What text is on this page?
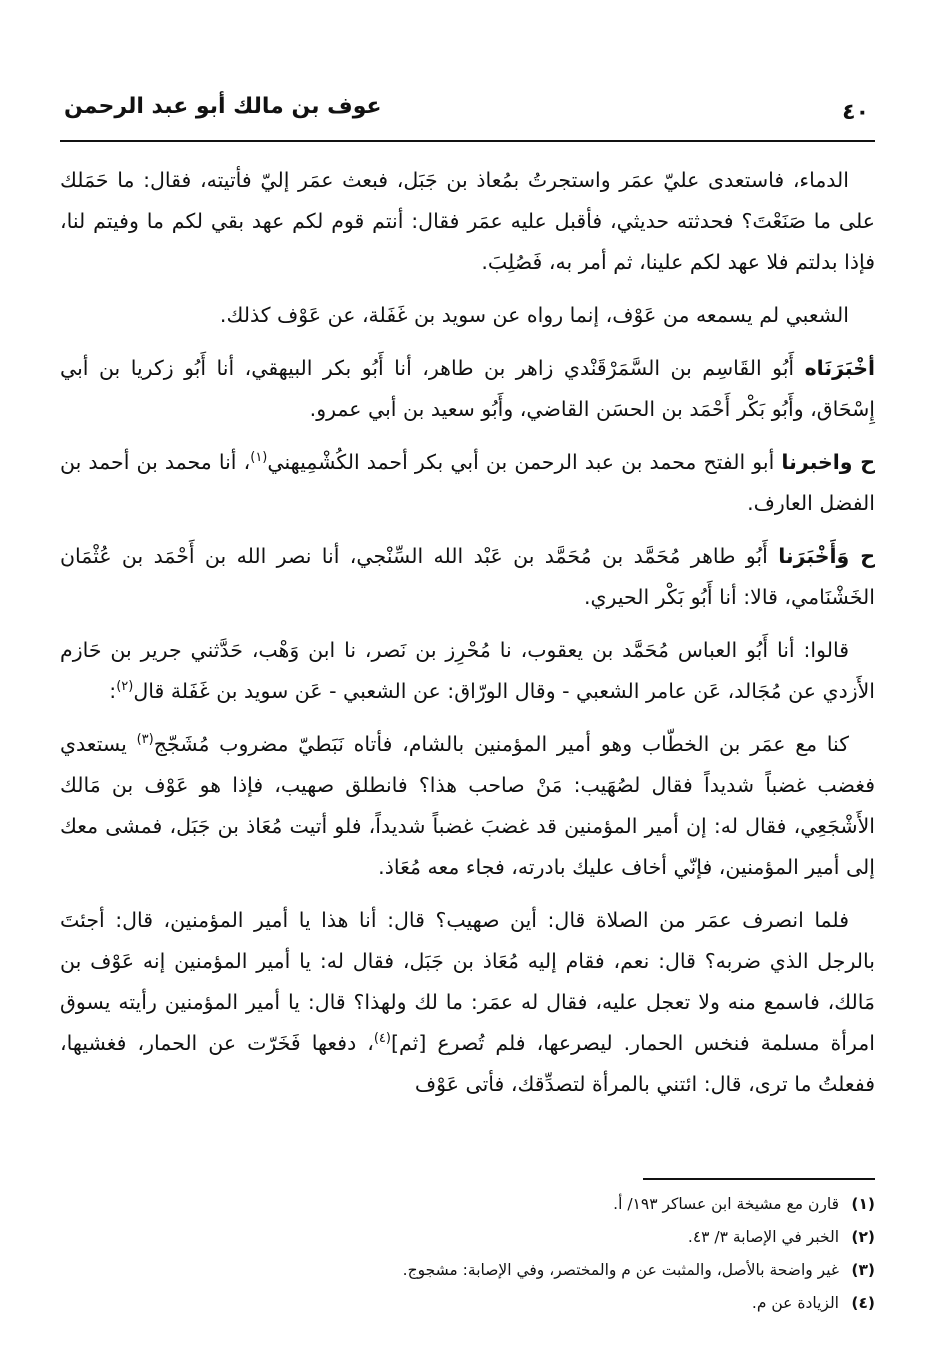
٤٠
عوف بن مالك أبو عبد الرحمن

الدماء، فاستعدى عليّ عمَر واستجرتُ بمُعاذ بن جَبَل، فبعث عمَر إليّ فأتيته، فقال: ما حَمَلك على ما صَنَعْتَ؟ فحدثته حديثي، فأقبل عليه عمَر فقال: أنتم قوم لكم عهد بقي لكم ما وفيتم لنا، فإذا بدلتم فلا عهد لكم علينا، ثم أمر به، فَصُلِبَ.

الشعبي لم يسمعه من عَوْف، إنما رواه عن سويد بن غَفَلة، عن عَوْف كذلك.

أخْبَرَنَاه أَبُو القَاسِم بن السَّمَرْقَنْدي زاهر بن طاهر، أنا أَبُو بكر البيهقي، أنا أَبُو زكريا بن أبي إِسْحَاق، وأَبُو بَكْر أَحْمَد بن الحسَن القاضي، وأَبُو سعيد بن أبي عمرو.

ح واخبرنا أبو الفتح محمد بن عبد الرحمن بن أبي بكر أحمد الكُشْمِيهني$^{(١)}$، أنا محمد بن أحمد بن الفضل العارف.

ح وَأَخْبَرَنا أَبُو طاهر مُحَمَّد بن مُحَمَّد بن عَبْد الله السِّنْجي، أنا نصر الله بن أَحْمَد بن عُثْمَان الخَشْنَامي، قالا: أنا أَبُو بَكْر الحيري.

قالوا: أنا أَبُو العباس مُحَمَّد بن يعقوب، نا مُحْرِز بن نَصر، نا ابن وَهْب، حَدَّثني جرير بن حَازم الأَزدي عن مُجَالد، عَن عامر الشعبي - وقال الورّاق: عن الشعبي - عَن سويد بن غَفَلة قال$^{(٢)}$:

كنا مع عمَر بن الخطّاب وهو أمير المؤمنين بالشام، فأتاه نَبَطيّ مضروب مُشَجّج$^{(٣)}$ يستعدي فغضب غضباً شديداً فقال لصُهَيب: مَنْ صاحب هذا؟ فانطلق صهيب، فإذا هو عَوْف بن مَالك الأَشْجَعِي، فقال له: إن أمير المؤمنين قد غضبَ غضباً شديداً، فلو أتيت مُعَاذ بن جَبَل، فمشى معك إلى أمير المؤمنين، فإنّي أخاف عليك بادرته، فجاء معه مُعَاذ.

فلما انصرف عمَر من الصلاة قال: أين صهيب؟ قال: أنا هذا يا أمير المؤمنين، قال: أجئتَ بالرجل الذي ضربه؟ قال: نعم، فقام إليه مُعَاذ بن جَبَل، فقال له: يا أمير المؤمنين إنه عَوْف بن مَالك، فاسمع منه ولا تعجل عليه، فقال له عمَر: ما لك ولهذا؟ قال: يا أمير المؤمنين رأيته يسوق امرأة مسلمة فنخس الحمار. ليصرعها، فلم تُصرع [ثم]$^{(٤)}$، دفعها فَخَرّت عن الحمار، فغشيها، ففعلتُ ما ترى، قال: ائتني بالمرأة لتصدِّقك، فأتى عَوْف

(١)قارن مع مشيخة ابن عساكر ١٩٣/ أ.
(٢)الخبر في الإصابة ٣/ ٤٣.
(٣)غير واضحة بالأصل، والمثبت عن م والمختصر، وفي الإصابة: مشجوج.
(٤)الزيادة عن م.
